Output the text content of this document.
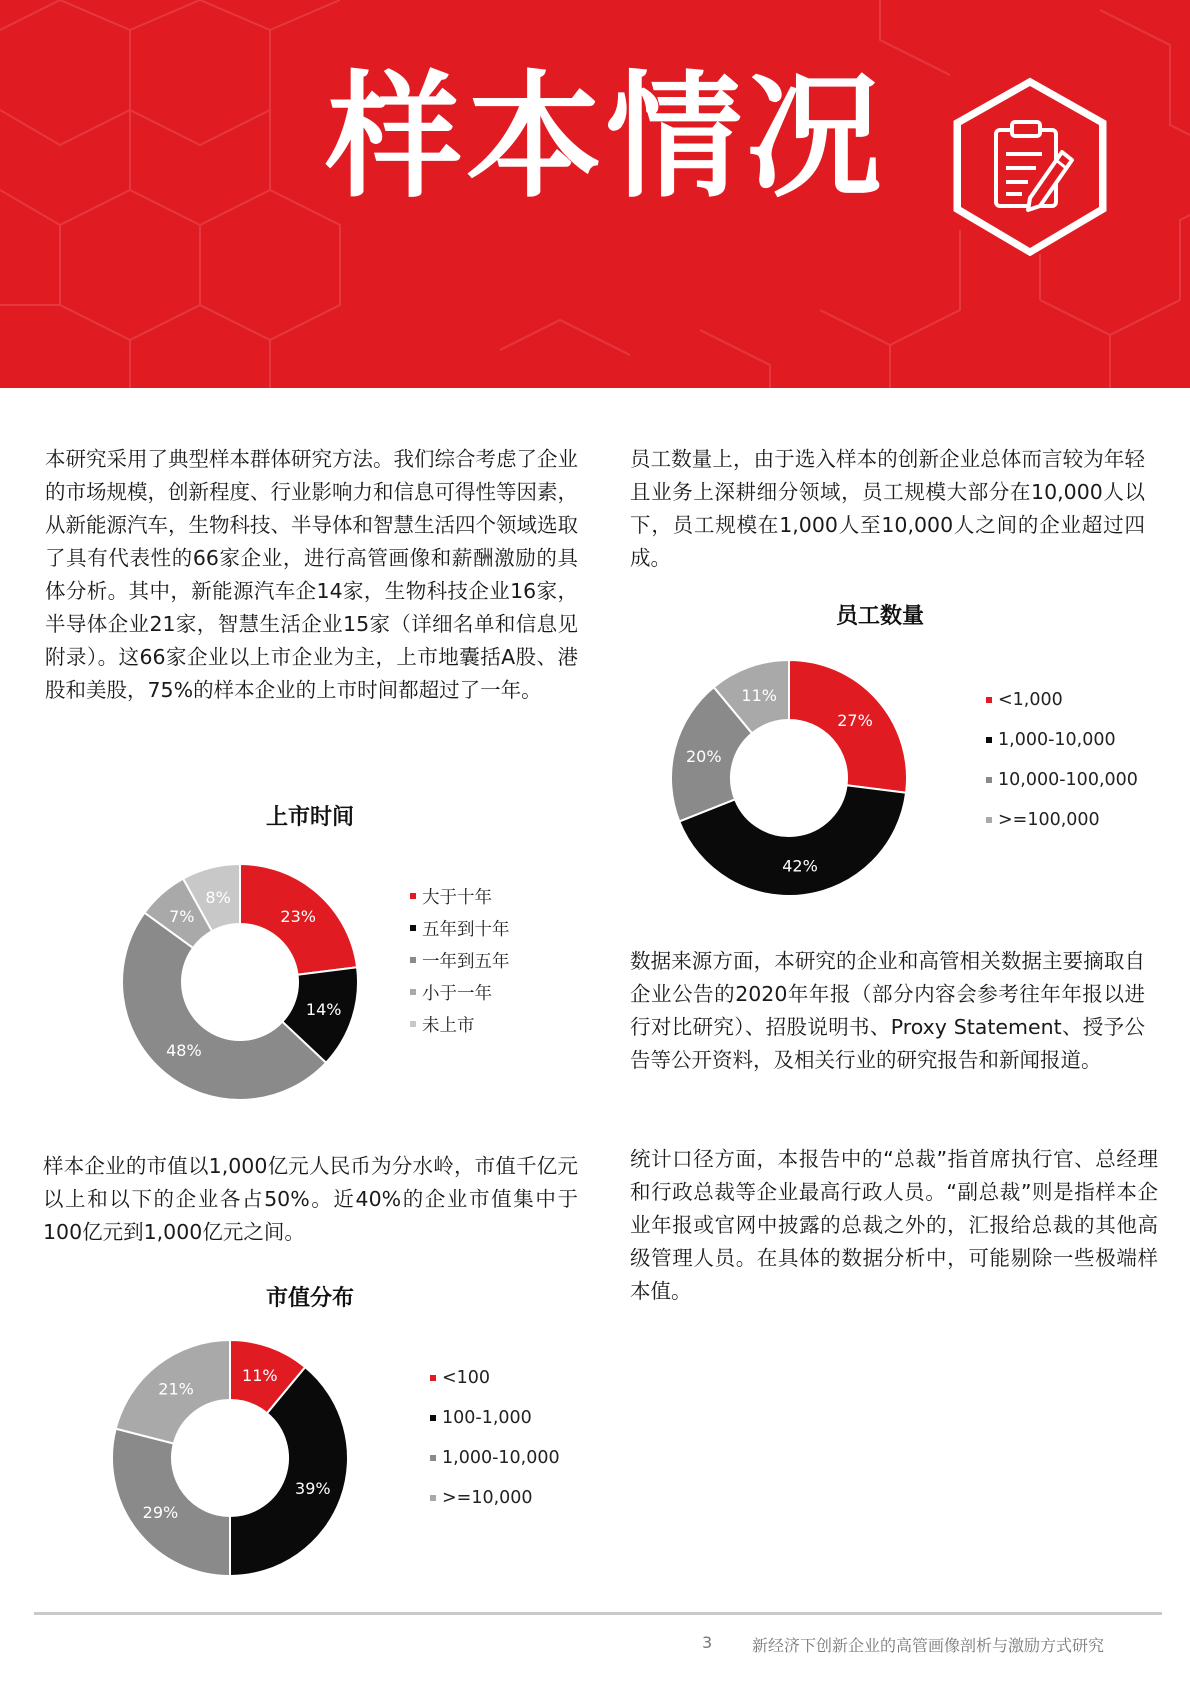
样本情况

本研究采用了典型样本群体研究方法。我们综合考虑了企业的市场规模，创新程度、行业影响力和信息可得性等因素，从新能源汽车，生物科技、半导体和智慧生活四个领域选取了具有代表性的66家企业，进行高管画像和薪酬激励的具体分析。其中，新能源汽车企14家，生物科技企业16家，半导体企业21家，智慧生活企业15家（详细名单和信息见附录）。这66家企业以上市企业为主，上市地囊括A股、港股和美股，75%的样本企业的上市时间都超过了一年。

上市时间
23%
14%
48%
7%
8%	大于十年
五年到十年
一年到五年
小于一年
未上市

样本企业的市值以1,000亿元人民币为分水岭，市值千亿元以上和以下的企业各占50%。近40%的企业市值集中于100亿元到1,000亿元之间。

市值分布
11%
39%
29%
21%
<100
100-1,000
1,000-10,000
>=10,000

员工数量上，由于选入样本的创新企业总体而言较为年轻且业务上深耕细分领域，员工规模大部分在10,000人以下，员工规模在1,000人至10,000人之间的企业超过四成。

员工数量
27%
42%
20%
11%	<1,000
1,000-10,000
10,000-100,000
>=100,000

数据来源方面，本研究的企业和高管相关数据主要摘取自企业公告的2020年年报（部分内容会参考往年年报以进行对比研究）、招股说明书、Proxy Statement、授予公告等公开资料，及相关行业的研究报告和新闻报道。

统计口径方面，本报告中的“总裁”指首席执行官、总经理和行政总裁等企业最高行政人员。“副总裁”则是指样本企业年报或官网中披露的总裁之外的，汇报给总裁的其他高级管理人员。在具体的数据分析中，可能剔除一些极端样本值。

3 新经济下创新企业的高管画像剖析与激励方式研究
